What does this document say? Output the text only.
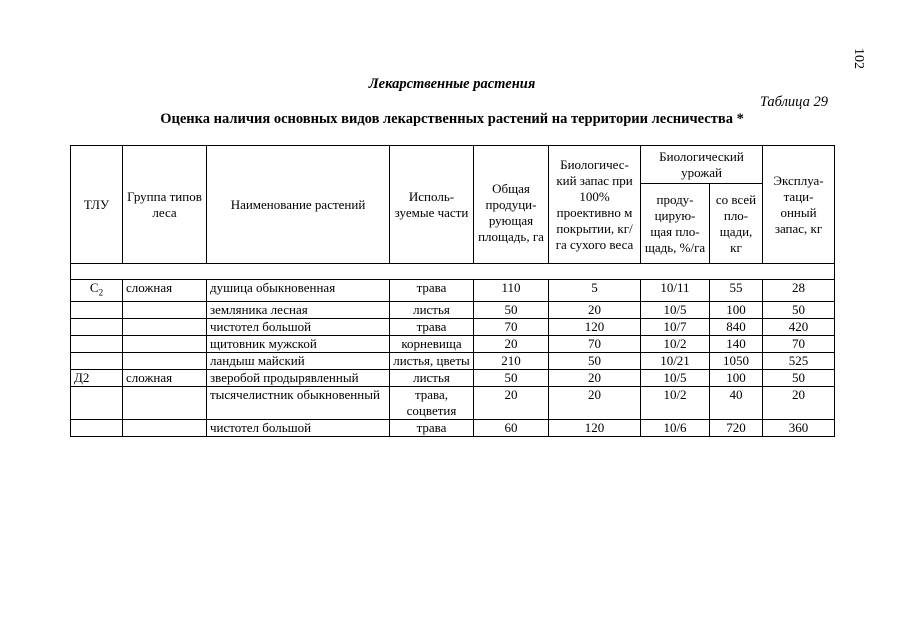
102
Лекарственные растения
Таблица 29
Оценка наличия основных видов лекарственных растений на территории лесничества *
ТЛУ	Группа типов леса	Наименование растений	Исполь-зуемые части	Общая продуци-рующая площадь, га	Биологичес-кий запас при 100% проективно м покрытии, кг/га сухого веса	Биологический урожай		Эксплуа-таци-онный запас, кг
						проду-цирую-щая пло-щадь, %/га	со всей пло-щади, кг	

$С_2$	сложная	душица обыкновенная	трава	110	5	10/11	55	28
		земляника лесная	листья	50	20	10/5	100	50
		чистотел большой	трава	70	120	10/7	840	420
		щитовник мужской	корневища	20	70	10/2	140	70
		ландыш майский	листья, цветы	210	50	10/21	1050	525
Д2	сложная	зверобой продырявленный	листья	50	20	10/5	100	50
		тысячелистник обыкновенный	трава, соцветия	20	20	10/2	40	20
		чистотел большой	трава	60	120	10/6	720	360
